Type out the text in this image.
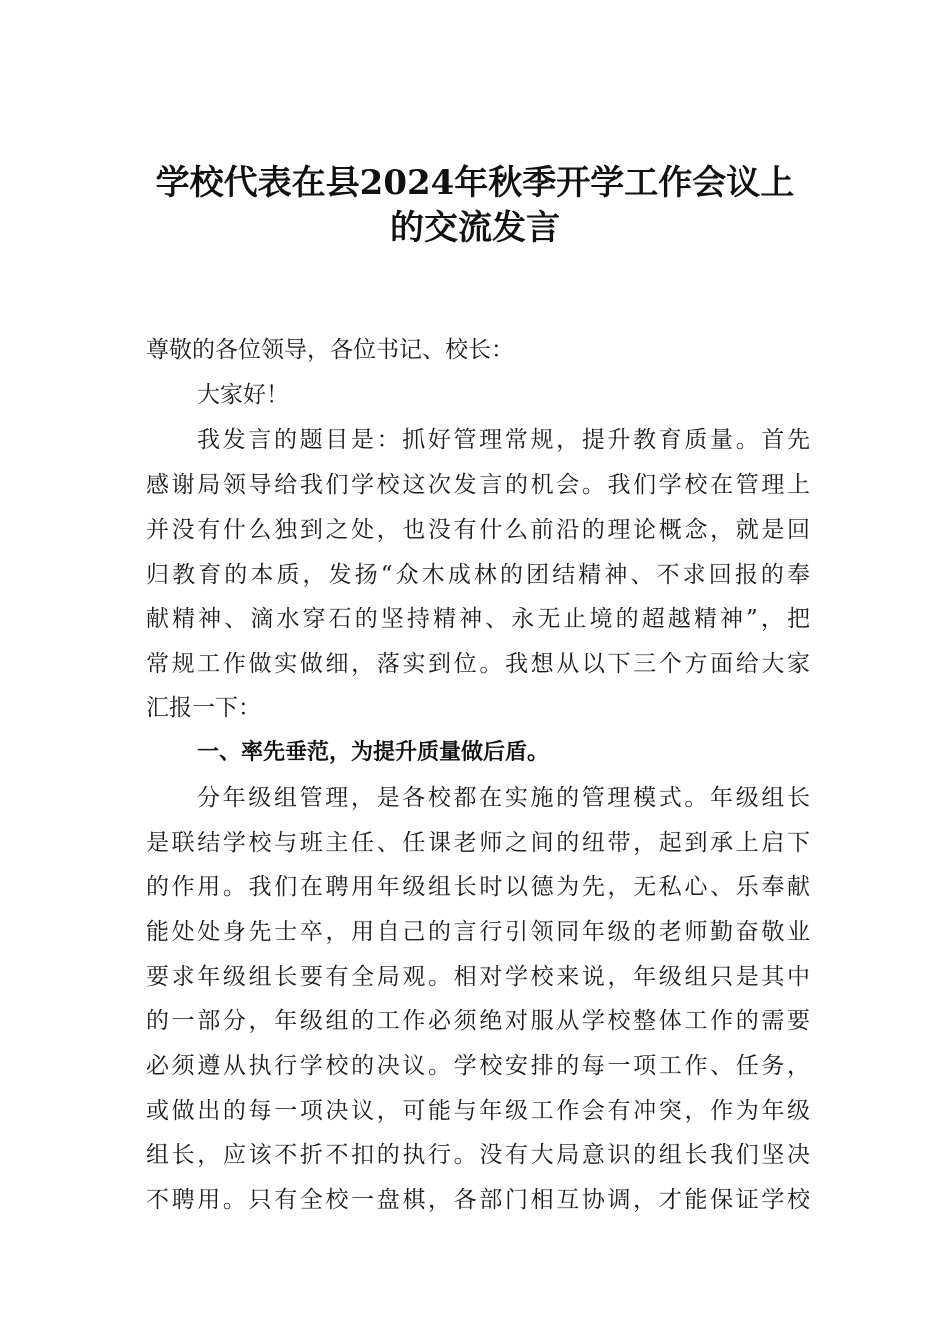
学校代表在县2024年秋季开学工作会议上
的交流发言
尊敬的各位领导，各位书记、校长：
大家好！
我发言的题目是：抓好管理常规，提升教育质量。首先
感谢局领导给我们学校这次发言的机会。我们学校在管理上
并没有什么独到之处，也没有什么前沿的理论概念，就是回
归教育的本质，发扬“众木成林的团结精神、不求回报的奉
献精神、滴水穿石的坚持精神、永无止境的超越精神”，把
常规工作做实做细，落实到位。我想从以下三个方面给大家
汇报一下：
一、率先垂范，为提升质量做后盾。
分年级组管理，是各校都在实施的管理模式。年级组长
是联结学校与班主任、任课老师之间的纽带，起到承上启下
的作用。我们在聘用年级组长时以德为先，无私心、乐奉献
能处处身先士卒，用自己的言行引领同年级的老师勤奋敬业
要求年级组长要有全局观。相对学校来说，年级组只是其中
的一部分，年级组的工作必须绝对服从学校整体工作的需要
必须遵从执行学校的决议。学校安排的每一项工作、任务，
或做出的每一项决议，可能与年级工作会有冲突，作为年级
组长，应该不折不扣的执行。没有大局意识的组长我们坚决
不聘用。只有全校一盘棋，各部门相互协调，才能保证学校
